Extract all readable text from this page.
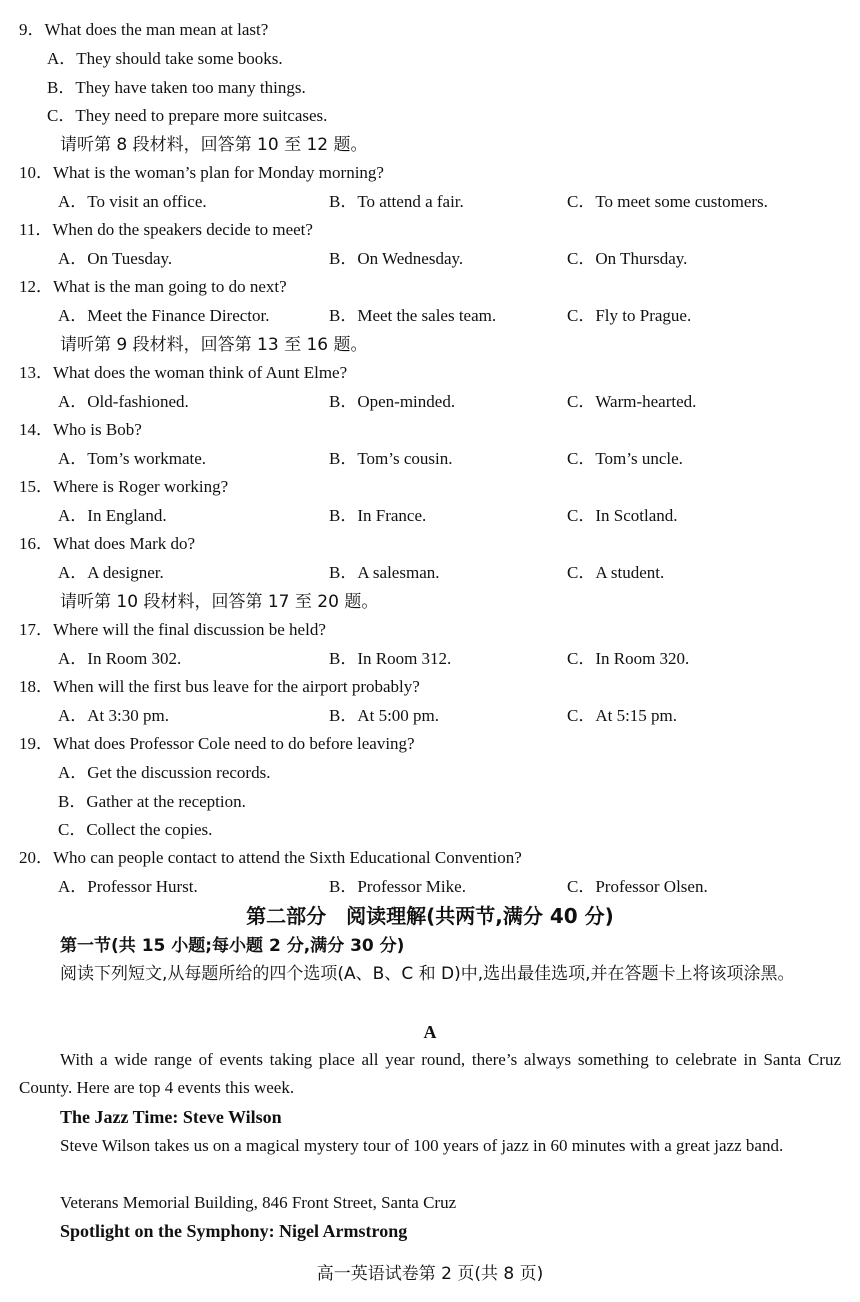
9．What does the man mean at last?
A．They should take some books.
B．They have taken too many things.
C．They need to prepare more suitcases.
请听第 8 段材料，回答第 10 至 12 题。
10．What is the woman’s plan for Monday morning?
A．To visit an office.	B．To attend a fair.	C．To meet some customers.
11．When do the speakers decide to meet?
A．On Tuesday.	B．On Wednesday.	C．On Thursday.
12．What is the man going to do next?
A．Meet the Finance Director.	B．Meet the sales team.	C．Fly to Prague.
请听第 9 段材料，回答第 13 至 16 题。
13．What does the woman think of Aunt Elme?
A．Old-fashioned.	B．Open-minded.	C．Warm-hearted.
14．Who is Bob?
A．Tom’s workmate.	B．Tom’s cousin.	C．Tom’s uncle.
15．Where is Roger working?
A．In England.	B．In France.	C．In Scotland.
16．What does Mark do?
A．A designer.	B．A salesman.	C．A student.
请听第 10 段材料，回答第 17 至 20 题。
17．Where will the final discussion be held?
A．In Room 302.	B．In Room 312.	C．In Room 320.
18．When will the first bus leave for the airport probably?
A．At 3:30 pm.	B．At 5:00 pm.	C．At 5:15 pm.
19．What does Professor Cole need to do before leaving?
A．Get the discussion records.
B．Gather at the reception.
C．Collect the copies.
20．Who can people contact to attend the Sixth Educational Convention?
A．Professor Hurst.	B．Professor Mike.	C．Professor Olsen.
第二部分　阅读理解(共两节,满分 40 分)
第一节(共 15 小题;每小题 2 分,满分 30 分)
阅读下列短文,从每题所给的四个选项(A、B、C 和 D)中,选出最佳选项,并在答题卡上将该项涂黑。
A
With a wide range of events taking place all year round, there’s always something to celebrate in Santa Cruz County. Here are top 4 events this week.
The Jazz Time: Steve Wilson
Steve Wilson takes us on a magical mystery tour of 100 years of jazz in 60 minutes with a great jazz band.
Veterans Memorial Building, 846 Front Street, Santa Cruz
Spotlight on the Symphony: Nigel Armstrong
高一英语试卷第 2 页(共 8 页)
